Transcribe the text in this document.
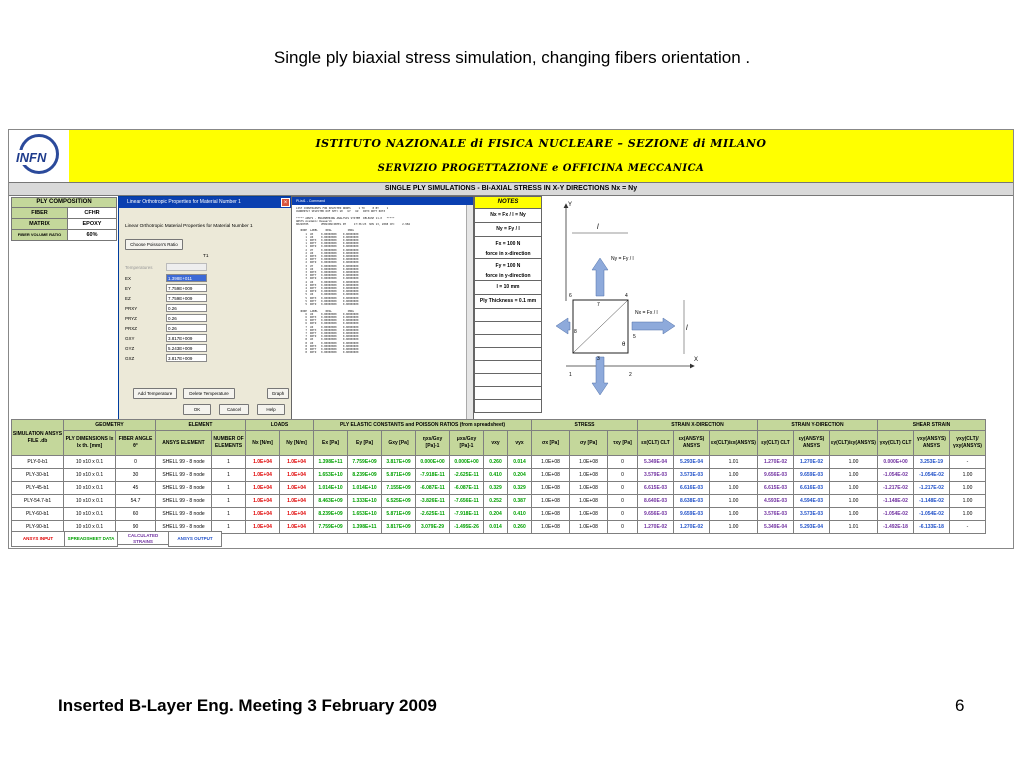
Single ply biaxial stress simulation, changing fibers orientation .
INFN
ISTITUTO NAZIONALE di FISICA NUCLEARE – SEZIONE di MILANO
SERVIZIO PROGETTAZIONE e OFFICINA MECCANICA
SINGLE PLY SIMULATIONS - BI-AXIAL STRESS IN X-Y DIRECTIONS Nx = Ny
PLY COMPOSITION
FIBER	CFHR
MATRIX	EPOXY
FIBER VOLUME RATIO	60%
Linear Orthotropic Properties for Material Number 1	×
Linear Orthotropic Material Properties for Material Number 1
Choose Poisson's Ratio
T1
Temperatures
EX	1.398E+011
EY	7.759E+009
EZ	7.759E+009
PRXY	0.26
PRYZ	0.26
PRXZ	0.26
GXY	3.817E+009
GYZ	5.243E+009
GXZ	3.817E+009
Add Temperature	Delete Temperature	Graph
OK	Cancel	Help
PList1 - Command
LIST CONSTRAINTS FOR SELECTED NODES     1 TO     8 BY     1
CURRENTLY SELECTED DOF SET= UX   UY   UZ   ROTX ROTY ROTZ

***** ANSYS - ENGINEERING ANALYSIS SYSTEM  RELEASE 11.0   *****
ANSYS Academic Research
00228785        VERSION=INTEL NT     17:36:23  NOV 13, 2008 CP=     2.984

NODE  LABEL     REAL          IMAG
1  UX     0.00000000    0.00000000
1  UZ     0.00000000    0.00000000
1  ROTX   0.00000000    0.00000000
1  ROTY   0.00000000    0.00000000
1  ROTZ   0.00000000    0.00000000
2  UY     0.00000000    0.00000000
2  UZ     0.00000000    0.00000000
2  ROTX   0.00000000    0.00000000
2  ROTY   0.00000000    0.00000000
2  ROTZ   0.00000000    0.00000000
3  UY     0.00000000    0.00000000
3  UZ     0.00000000    0.00000000
3  ROTX   0.00000000    0.00000000
3  ROTY   0.00000000    0.00000000
3  ROTZ   0.00000000    0.00000000
4  UZ     0.00000000    0.00000000
4  ROTX   0.00000000    0.00000000
4  ROTY   0.00000000    0.00000000
4  ROTZ   0.00000000    0.00000000
5  UZ     0.00000000    0.00000000
5  ROTX   0.00000000    0.00000000
5  ROTY   0.00000000    0.00000000
5  ROTZ   0.00000000    0.00000000

NODE  LABEL     REAL          IMAG
6  UZ     0.00000000    0.00000000
6  ROTX   0.00000000    0.00000000
6  ROTY   0.00000000    0.00000000
6  ROTZ   0.00000000    0.00000000
7  UZ     0.00000000    0.00000000
7  ROTX   0.00000000    0.00000000
7  ROTY   0.00000000    0.00000000
7  ROTZ   0.00000000    0.00000000
8  UX     0.00000000    0.00000000
8  UZ     0.00000000    0.00000000
8  ROTX   0.00000000    0.00000000
8  ROTY   0.00000000    0.00000000
8  ROTZ   0.00000000    0.00000000
NOTES
Nx = Fx / l = Ny
Ny = Fy / l
Fx = 100 N
force in x-direction
Fy = 100 N
force in y-direction
l = 10 mm
Ply Thickness = 0.1 mm
Y
X
l
l
Ny = Fy / l
Nx = Fx / l
θ
1	2
3
4
5
6
7
8
SIMULATION ANSYS FILE .db	GEOMETRY		ELEMENT		LOADS		PLY ELASTIC CONSTANTS and POISSON RATIOS (from spreadsheet)							STRESS			STRAIN X-DIRECTION			STRAIN Y-DIRECTION			SHEAR STRAIN		
	PLY DIMENSIONS lx lx th. [mm]	FIBER ANGLE θ°	ANSYS ELEMENT	NUMBER OF ELEMENTS	Nx [N/m]	Ny [N/m]	Ex [Pa]	Ey [Pa]	Gxy [Pa]	ηxs/Gxy [Pa]-1	μxs/Gxy [Pa]-1	νxy	νyx	σx [Pa]	σy [Pa]	τxy [Pa]	εx(CLT) CLT	εx(ANSYS) ANSYS	εx(CLT)/εx(ANSYS)	εy(CLT) CLT	εy(ANSYS) ANSYS	εy(CLT)/εy(ANSYS)	γxy(CLT) CLT	γxy(ANSYS) ANSYS	γxy(CLT)/γxy(ANSYS)
PLY-0-b1	10 x10 x 0.1	0	SHELL 99 - 8 node	1	1.0E+04	1.0E+04	1.398E+11	7.759E+09	3.817E+09	0.000E+00	0.000E+00	0.260	0.014	1.0E+08	1.0E+08	0	5.349E-04	5.293E-04	1.01	1.270E-02	1.270E-02	1.00	0.000E+00	3.253E-19	-
PLY-30-b1	10 x10 x 0.1	30	SHELL 99 - 8 node	1	1.0E+04	1.0E+04	1.653E+10	8.239E+09	5.871E+09	-7.918E-11	-2.625E-11	0.410	0.204	1.0E+08	1.0E+08	0	3.579E-03	3.573E-03	1.00	9.656E-03	9.659E-03	1.00	-1.054E-02	-1.054E-02	1.00
PLY-45-b1	10 x10 x 0.1	45	SHELL 99 - 8 node	1	1.0E+04	1.0E+04	1.014E+10	1.014E+10	7.155E+09	-6.087E-11	-6.087E-11	0.329	0.329	1.0E+08	1.0E+08	0	6.615E-03	6.616E-03	1.00	6.615E-03	6.616E-03	1.00	-1.217E-02	-1.217E-02	1.00
PLY-54.7-b1	10 x10 x 0.1	54.7	SHELL 99 - 8 node	1	1.0E+04	1.0E+04	8.463E+09	1.333E+10	6.525E+09	-3.826E-11	-7.656E-11	0.252	0.387	1.0E+08	1.0E+08	0	8.640E-03	8.638E-03	1.00	4.593E-03	4.594E-03	1.00	-1.148E-02	-1.148E-02	1.00
PLY-60-b1	10 x10 x 0.1	60	SHELL 99 - 8 node	1	1.0E+04	1.0E+04	8.239E+09	1.653E+10	5.871E+09	-2.625E-11	-7.918E-11	0.204	0.410	1.0E+08	1.0E+08	0	9.656E-03	9.659E-03	1.00	3.576E-03	3.573E-03	1.00	-1.054E-02	-1.054E-02	1.00
PLY-90-b1	10 x10 x 0.1	90	SHELL 99 - 8 node	1	1.0E+04	1.0E+04	7.759E+09	1.398E+11	3.817E+09	3.079E-29	-1.495E-26	0.014	0.260	1.0E+08	1.0E+08	0	1.270E-02	1.270E-02	1.00	5.349E-04	5.293E-04	1.01	-1.492E-18	-6.133E-18	-
ANSYS INPUT	SPREADSHEET DATA
CALCULATED STRAINS
ANSYS OUTPUT
Inserted B-Layer Eng. Meeting 3 February 2009	6
